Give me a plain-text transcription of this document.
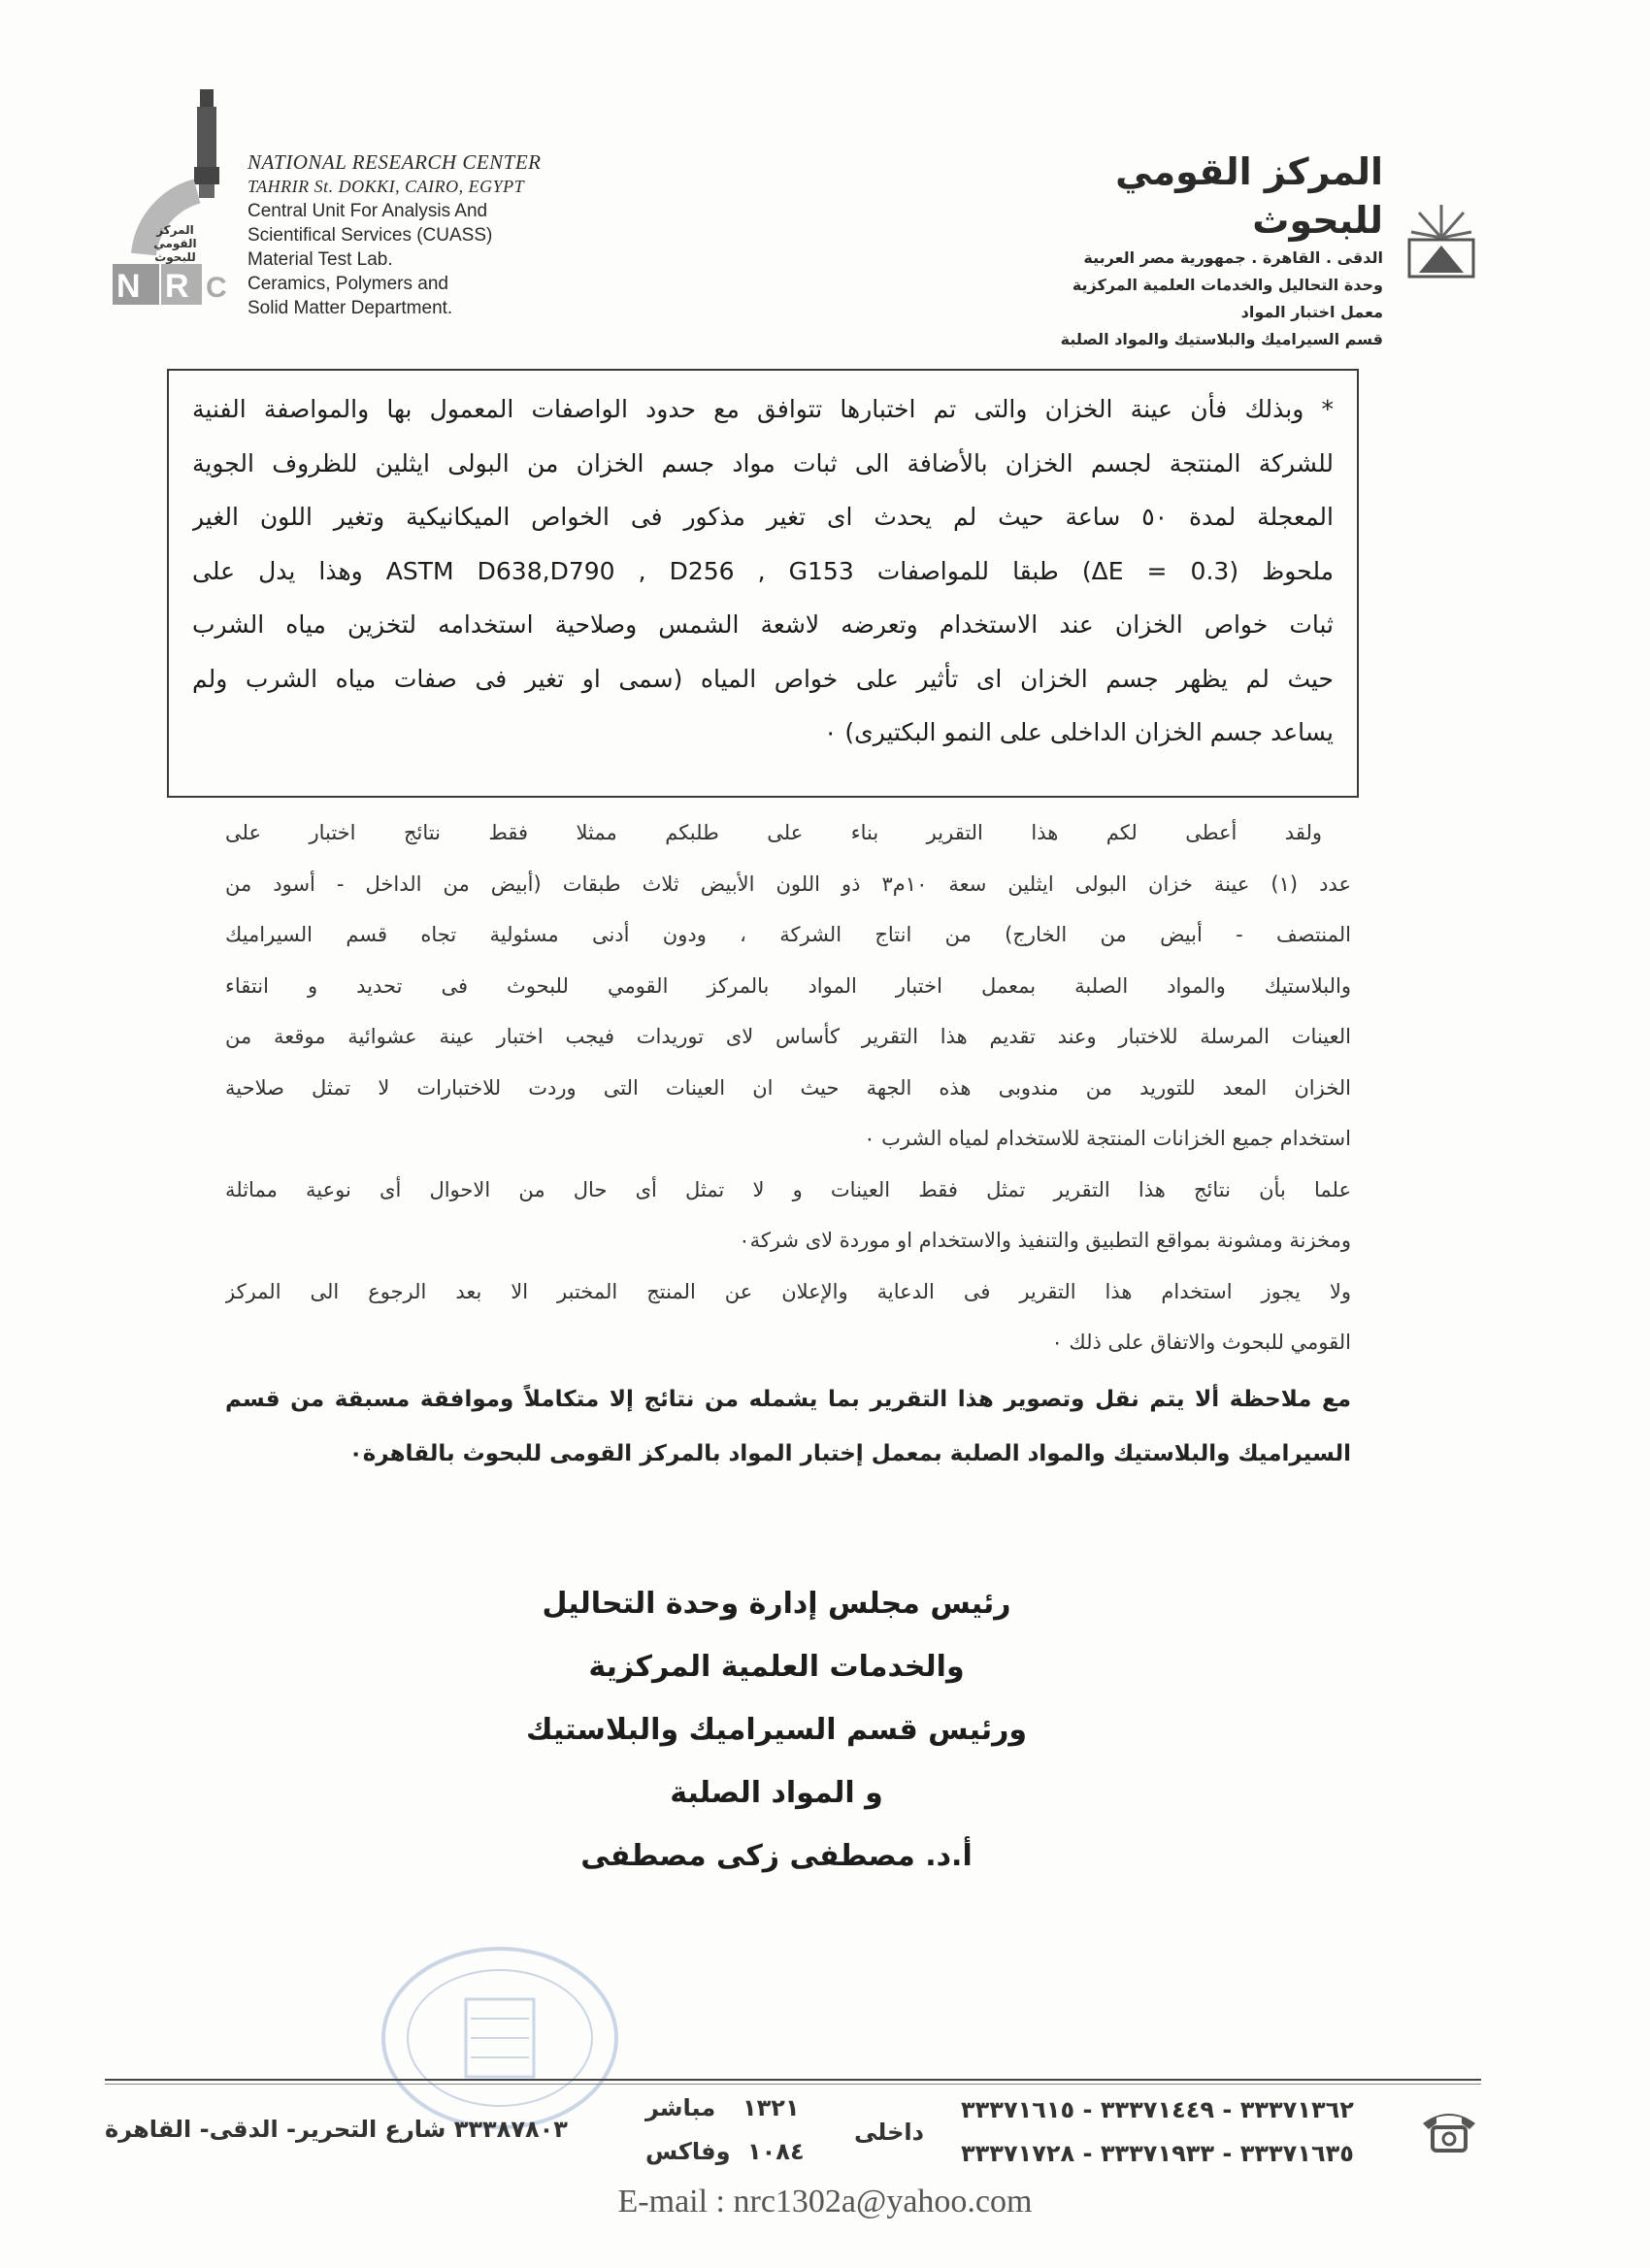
N R C
المركز القومي للبحوث
NATIONAL RESEARCH CENTER
TAHRIR St. DOKKI, CAIRO, EGYPT
Central Unit For Analysis And
Scientifical Services (CUASS)
Material Test Lab.
Ceramics, Polymers and
Solid Matter Department.
المركز القومي للبحوث
الدقى . القاهرة . جمهورية مصر العربية
وحدة التحاليل والخدمات العلمية المركزية
معمل اختبار المواد
قسم السيراميك والبلاستيك والمواد الصلبة
* وبذلك فأن عينة الخزان والتى تم اختبارها تتوافق مع حدود الواصفات المعمول بها والمواصفة الفنية
للشركة المنتجة لجسم الخزان بالأضافة الى ثبات مواد جسم الخزان من البولى ايثلين للظروف الجوية
المعجلة لمدة ٥٠ ساعة حيث لم يحدث اى تغير مذكور فى الخواص الميكانيكية وتغير اللون الغير
ملحوظ (ΔE = 0.3) طبقا للمواصفات ASTM D638,D790 , D256 , G153 وهذا يدل على
ثبات خواص الخزان عند الاستخدام وتعرضه لاشعة الشمس وصلاحية استخدامه لتخزين مياه الشرب
حيث لم يظهر جسم الخزان اى تأثير على خواص المياه (سمى او تغير فى صفات مياه الشرب ولم
يساعد جسم الخزان الداخلى على النمو البكتيرى) ٠
ولقد أعطى لكم هذا التقرير بناء على طلبكم ممثلا فقط نتائج اختبار على
عدد (١) عينة خزان البولى ايثلين سعة ١٠م٣ ذو اللون الأبيض ثلاث طبقات (أبيض من الداخل - أسود من
المنتصف - أبيض من الخارج) من انتاج الشركة ، ودون أدنى مسئولية تجاه قسم السيراميك
والبلاستيك والمواد الصلبة بمعمل اختبار المواد بالمركز القومي للبحوث فى تحديد و انتقاء
العينات المرسلة للاختبار وعند تقديم هذا التقرير كأساس لاى توريدات فيجب اختبار عينة عشوائية موقعة من
الخزان المعد للتوريد من مندوبى هذه الجهة حيث ان العينات التى وردت للاختبارات لا تمثل صلاحية
استخدام جميع الخزانات المنتجة للاستخدام لمياه الشرب ٠
علما بأن نتائج هذا التقرير تمثل فقط العينات و لا تمثل أى حال من الاحوال أى نوعية مماثلة
ومخزنة ومشونة بمواقع التطبيق والتنفيذ والاستخدام او موردة لاى شركة٠
ولا يجوز استخدام هذا التقرير فى الدعاية والإعلان عن المنتج المختبر الا بعد الرجوع الى المركز
القومي للبحوث والاتفاق على ذلك ٠
مع ملاحظة ألا يتم نقل وتصوير هذا التقرير بما يشمله من نتائج إلا متكاملاً وموافقة مسبقة من قسم
السيراميك والبلاستيك والمواد الصلبة بمعمل إختبار المواد بالمركز القومى للبحوث بالقاهرة٠
رئيس مجلس إدارة وحدة التحاليل
والخدمات العلمية المركزية
ورئيس قسم السيراميك والبلاستيك
و المواد الصلبة
أ.د. مصطفى زكى مصطفى
٣٣٣٨٧٨٠٣ شارع التحرير- الدقى- القاهرة
مباشر ١٣٢١
وفاكس ١٠٨٤
داخلى
٣٣٣٧١٣٦٢ - ٣٣٣٧١٤٤٩ - ٣٣٣٧١٦١٥
٣٣٣٧١٦٣٥ - ٣٣٣٧١٩٣٣ - ٣٣٣٧١٧٢٨
E-mail : nrc1302a@yahoo.com
